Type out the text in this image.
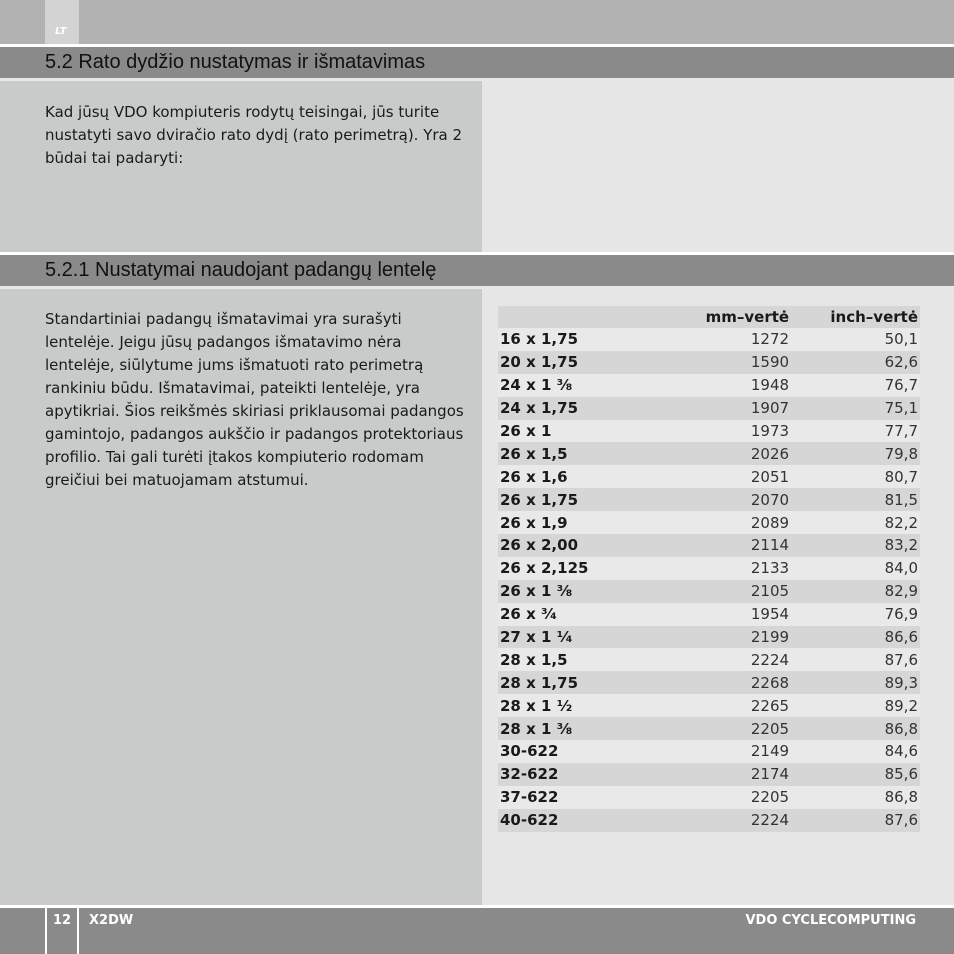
LT
5.2 Rato dydžio nustatymas ir išmatavimas

Kad jūsų VDO kompiuteris rodytų teisingai, jūs turite nustatyti savo dviračio rato dydį (rato perimetrą). Yra 2 būdai tai padaryti:

5.2.1 Nustatymai naudojant padangų lentelę

Standartiniai padangų išmatavimai yra surašyti lentelėje. Jeigu jūsų padangos išmatavimo nėra lentelėje, siūlytume jums išmatuoti rato perimetrą rankiniu būdu. Išmatavimai, pateikti lentelėje, yra apytikriai. Šios reikšmės skiriasi priklausomai padangos gamintojo, padangos aukščio ir padangos protektoriaus profilio. Tai gali turėti įtakos kompiuterio rodomam greičiui bei matuojamam atstumui.

	mm–vertė	inch–vertė
16 x 1,75	1272	50,1
20 x 1,75	1590	62,6
24 x 1 ³⁄₈	1948	76,7
24 x 1,75	1907	75,1
26 x 1	1973	77,7
26 x 1,5	2026	79,8
26 x 1,6	2051	80,7
26 x 1,75	2070	81,5
26 x 1,9	2089	82,2
26 x 2,00	2114	83,2
26 x 2,125	2133	84,0
26 x 1 ³⁄₈	2105	82,9
26 x ³⁄₄	1954	76,9
27 x 1 ¹⁄₄	2199	86,6
28 x 1,5	2224	87,6
28 x 1,75	2268	89,3
28 x 1 ¹⁄₂	2265	89,2
28 x 1 ³⁄₈	2205	86,8
30-622	2149	84,6
32-622	2174	85,6
37-622	2205	86,8
40-622	2224	87,6
12 X2DW	VDO CYCLECOMPUTING
